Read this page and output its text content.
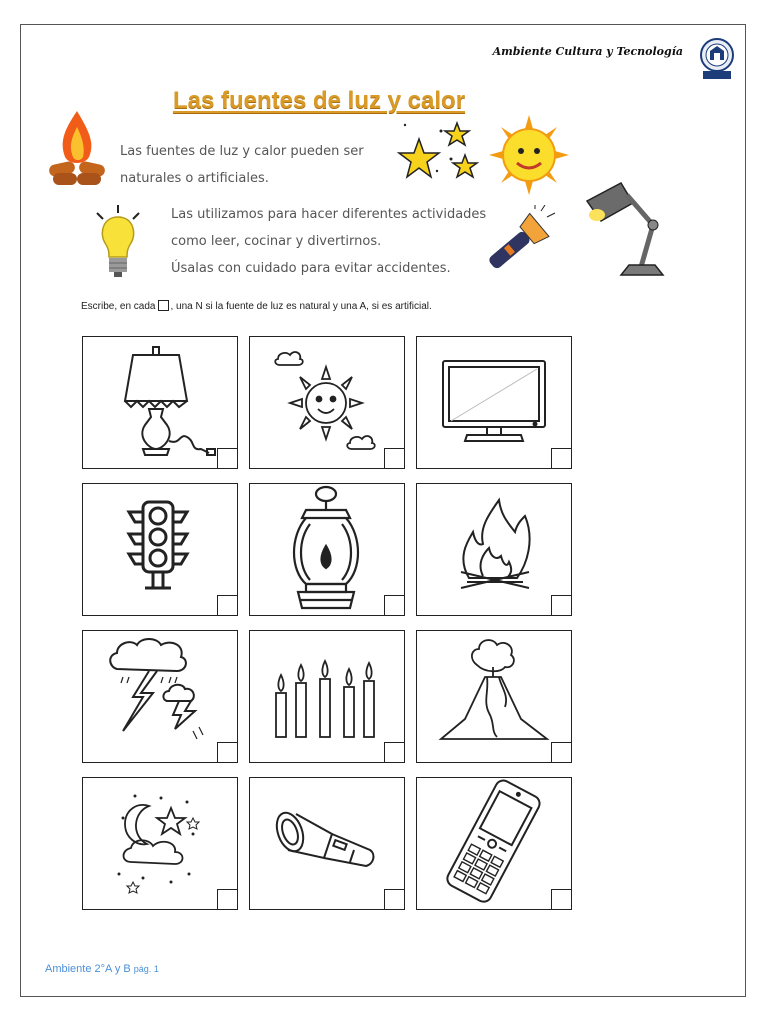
Ambiente Cultura y Tecnología
Las fuentes de luz y calor
Las fuentes de luz y calor pueden ser
naturales o artificiales.
Las utilizamos para hacer diferentes actividades
como leer, cocinar y divertirnos.
Úsalas con cuidado para evitar accidentes.
Escribe, en cada , una N si la fuente de luz es natural y una A, si es artificial.
Ambiente 2°A y B pág. 1
